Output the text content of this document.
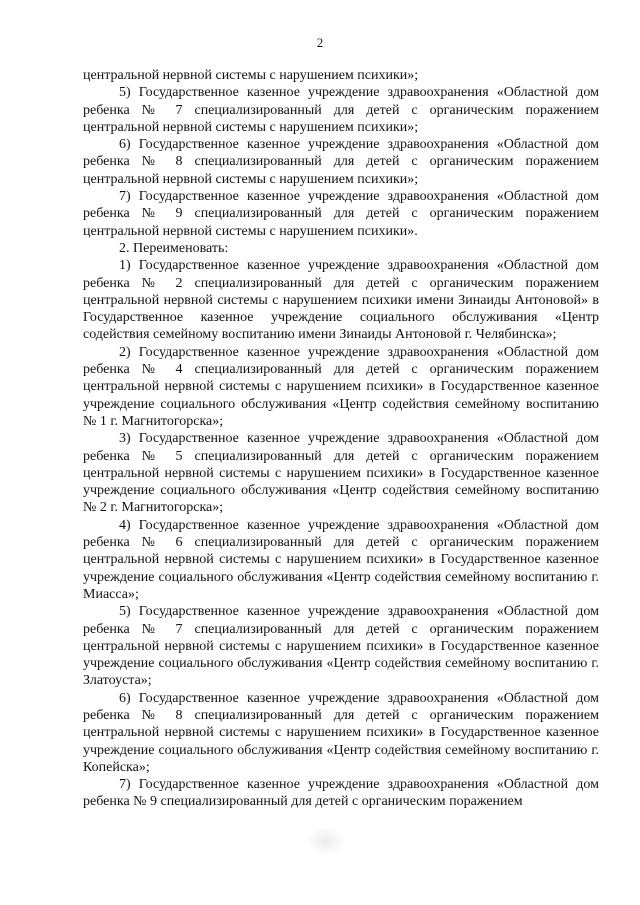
2

центральной нервной системы с нарушением психики»;

5) Государственное казенное учреждение здравоохранения «Областной дом ребенка № 7 специализированный для детей с органическим поражением центральной нервной системы с нарушением психики»;

6) Государственное казенное учреждение здравоохранения «Областной дом ребенка № 8 специализированный для детей с органическим поражением центральной нервной системы с нарушением психики»;

7) Государственное казенное учреждение здравоохранения «Областной дом ребенка № 9 специализированный для детей с органическим поражением центральной нервной системы с нарушением психики».

2. Переименовать:

1) Государственное казенное учреждение здравоохранения «Областной дом ребенка № 2 специализированный для детей с органическим поражением центральной нервной системы с нарушением психики имени Зинаиды Антоновой» в Государственное казенное учреждение социального обслуживания «Центр содействия семейному воспитанию имени Зинаиды Антоновой г. Челябинска»;

2) Государственное казенное учреждение здравоохранения «Областной дом ребенка № 4 специализированный для детей с органическим поражением центральной нервной системы с нарушением психики» в Государственное казенное учреждение социального обслуживания «Центр содействия семейному воспитанию № 1 г. Магнитогорска»;

3) Государственное казенное учреждение здравоохранения «Областной дом ребенка № 5 специализированный для детей с органическим поражением центральной нервной системы с нарушением психики» в Государственное казенное учреждение социального обслуживания «Центр содействия семейному воспитанию № 2 г. Магнитогорска»;

4) Государственное казенное учреждение здравоохранения «Областной дом ребенка № 6 специализированный для детей с органическим поражением центральной нервной системы с нарушением психики» в Государственное казенное учреждение социального обслуживания «Центр содействия семейному воспитанию г. Миасса»;

5) Государственное казенное учреждение здравоохранения «Областной дом ребенка № 7 специализированный для детей с органическим поражением центральной нервной системы с нарушением психики» в Государственное казенное учреждение социального обслуживания «Центр содействия семейному воспитанию г. Златоуста»;

6) Государственное казенное учреждение здравоохранения «Областной дом ребенка № 8 специализированный для детей с органическим поражением центральной нервной системы с нарушением психики» в Государственное казенное учреждение социального обслуживания «Центр содействия семейному воспитанию г. Копейска»;

7) Государственное казенное учреждение здравоохранения «Областной дом ребенка № 9 специализированный для детей с органическим поражением
